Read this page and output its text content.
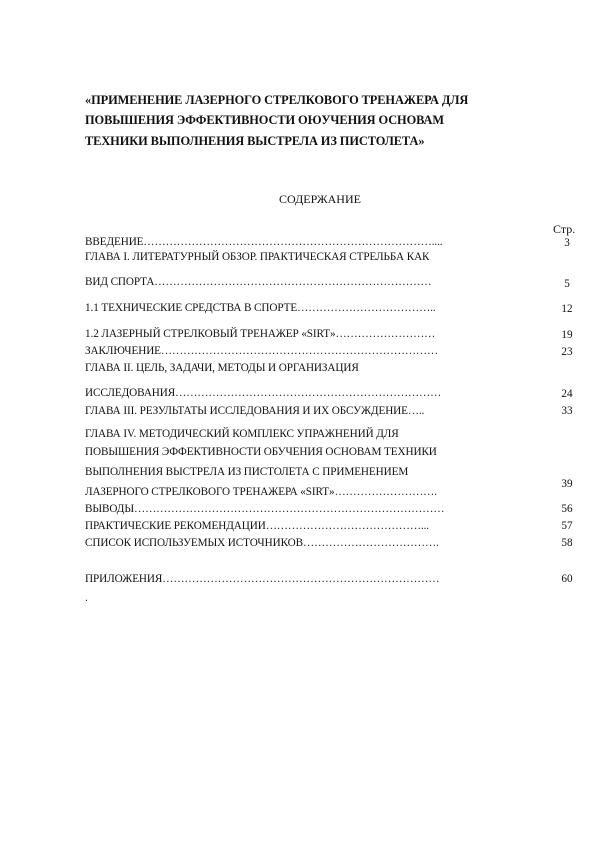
«ПРИМЕНЕНИЕ ЛАЗЕРНОГО СТРЕЛКОВОГО ТРЕНАЖЕРА ДЛЯ
ПОВЫШЕНИЯ ЭФФЕКТИВНОСТИ ОЮУЧЕНИЯ ОСНОВАМ
ТЕХНИКИ ВЫПОЛНЕНИЯ ВЫСТРЕЛА ИЗ ПИСТОЛЕТА»
СОДЕРЖАНИЕ
Стр.
ВВЕДЕНИЕ……………………………………………………………………....
ГЛАВА I. ЛИТЕРАТУРНЫЙ ОБЗОР. ПРАКТИЧЕСКАЯ СТРЕЛЬБА КАК
ВИД СПОРТА…………………………………………………………………
1.1 ТЕХНИЧЕСКИЕ СРЕДСТВА В СПОРТЕ………………………………..
1.2 ЛАЗЕРНЫЙ СТРЕЛКОВЫЙ ТРЕНАЖЕР «SIRT»………………………
ЗАКЛЮЧЕНИЕ…………………………………………………………………
ГЛАВА II. ЦЕЛЬ, ЗАДАЧИ, МЕТОДЫ И ОРГАНИЗАЦИЯ
ИССЛЕДОВАНИЯ………………………………………………………………
ГЛАВА III. РЕЗУЛЬТАТЫ ИССЛЕДОВАНИЯ И ИХ ОБСУЖДЕНИЕ…..
ГЛАВА IV. МЕТОДИЧЕСКИЙ КОМПЛЕКС УПРАЖНЕНИЙ ДЛЯ
ПОВЫШЕНИЯ ЭФФЕКТИВНОСТИ ОБУЧЕНИЯ ОСНОВАМ ТЕХНИКИ
ВЫПОЛНЕНИЯ ВЫСТРЕЛА ИЗ ПИСТОЛЕТА С ПРИМЕНЕНИЕМ
ЛАЗЕРНОГО СТРЕЛКОВОГО ТРЕНАЖЕРА «SIRT»……………………….
ВЫВОДЫ…………………………………………………………………………
ПРАКТИЧЕСКИЕ РЕКОМЕНДАЦИИ……………………………………...
СПИСОК ИСПОЛЬЗУЕМЫХ ИСТОЧНИКОВ……………………………….
ПРИЛОЖЕНИЯ…………………………………………………………………
.
3
5
12
19
23
24
33
39
56
57
58
60
